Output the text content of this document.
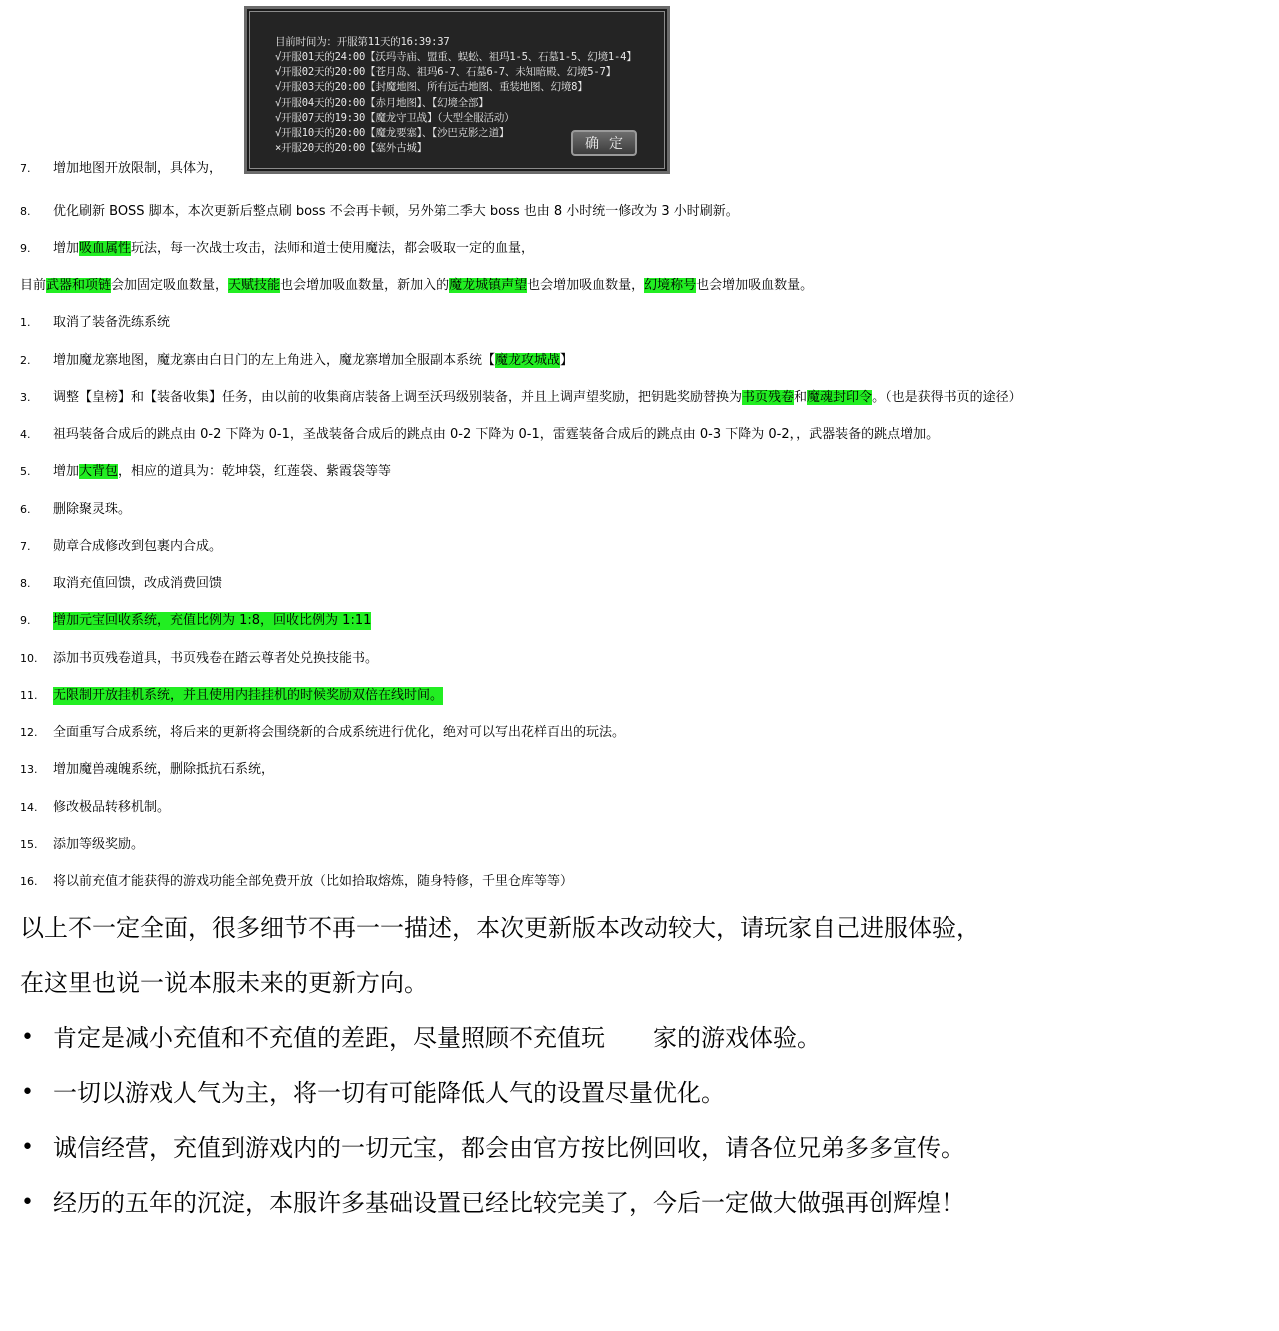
目前时间为：开服第11天的16:39:37
√开服01天的24:00【沃玛寺庙、盟重、蜈蚣、祖玛1-5、石墓1-5、幻境1-4】
√开服02天的20:00【苍月岛、祖玛6-7、石墓6-7、未知暗殿、幻境5-7】
√开服03天的20:00【封魔地图、所有远古地图、重装地图、幻境8】
√开服04天的20:00【赤月地图】、【幻境全部】
√开服07天的19:30【魔龙守卫战】（大型全服活动）
√开服10天的20:00【魔龙要塞】、【沙巴克影之道】
×开服20天的20:00【塞外古城】	确定
7.	增加地图开放限制，具体为，
8.	优化刷新 BOSS 脚本，本次更新后整点刷 boss 不会再卡顿，另外第二季大 boss 也由 8 小时统一修改为 3 小时刷新。
9.	增加吸血属性玩法，每一次战士攻击，法师和道士使用魔法，都会吸取一定的血量，
目前武器和项链会加固定吸血数量，天赋技能也会增加吸血数量，新加入的魔龙城镇声望也会增加吸血数量，幻境称号也会增加吸血数量。
1.	取消了装备洗练系统
2.	增加魔龙寨地图，魔龙寨由白日门的左上角进入，魔龙寨增加全服副本系统【魔龙攻城战】
3.	调整【皇榜】和【装备收集】任务，由以前的收集商店装备上调至沃玛级别装备，并且上调声望奖励，把钥匙奖励替换为书页残卷和魔魂封印令。（也是获得书页的途径）
4.	祖玛装备合成后的跳点由 0-2 下降为 0-1，圣战装备合成后的跳点由 0-2 下降为 0-1，雷霆装备合成后的跳点由 0-3 下降为 0-2，，武器装备的跳点增加。
5.	增加大背包，相应的道具为：乾坤袋，红莲袋、紫霞袋等等
6.	删除聚灵珠。
7.	勋章合成修改到包裹内合成。
8.	取消充值回馈，改成消费回馈
9.	增加元宝回收系统，充值比例为 1:8，回收比例为 1:11
10.	添加书页残卷道具，书页残卷在踏云尊者处兑换技能书。
11.	无限制开放挂机系统，并且使用内挂挂机的时候奖励双倍在线时间。
12.	全面重写合成系统，将后来的更新将会围绕新的合成系统进行优化，绝对可以写出花样百出的玩法。
13.	增加魔兽魂魄系统，删除抵抗石系统，
14.	修改极品转移机制。
15.	添加等级奖励。
16.	将以前充值才能获得的游戏功能全部免费开放（比如拾取熔炼，随身特修，千里仓库等等）
以上不一定全面，很多细节不再一一描述，本次更新版本改动较大，请玩家自己进服体验，
在这里也说一说本服未来的更新方向。
• 肯定是减小充值和不充值的差距，尽量照顾不充值玩　　家的游戏体验。
• 一切以游戏人气为主，将一切有可能降低人气的设置尽量优化。
• 诚信经营，充值到游戏内的一切元宝，都会由官方按比例回收，请各位兄弟多多宣传。
• 经历的五年的沉淀，本服许多基础设置已经比较完美了，今后一定做大做强再创辉煌！
